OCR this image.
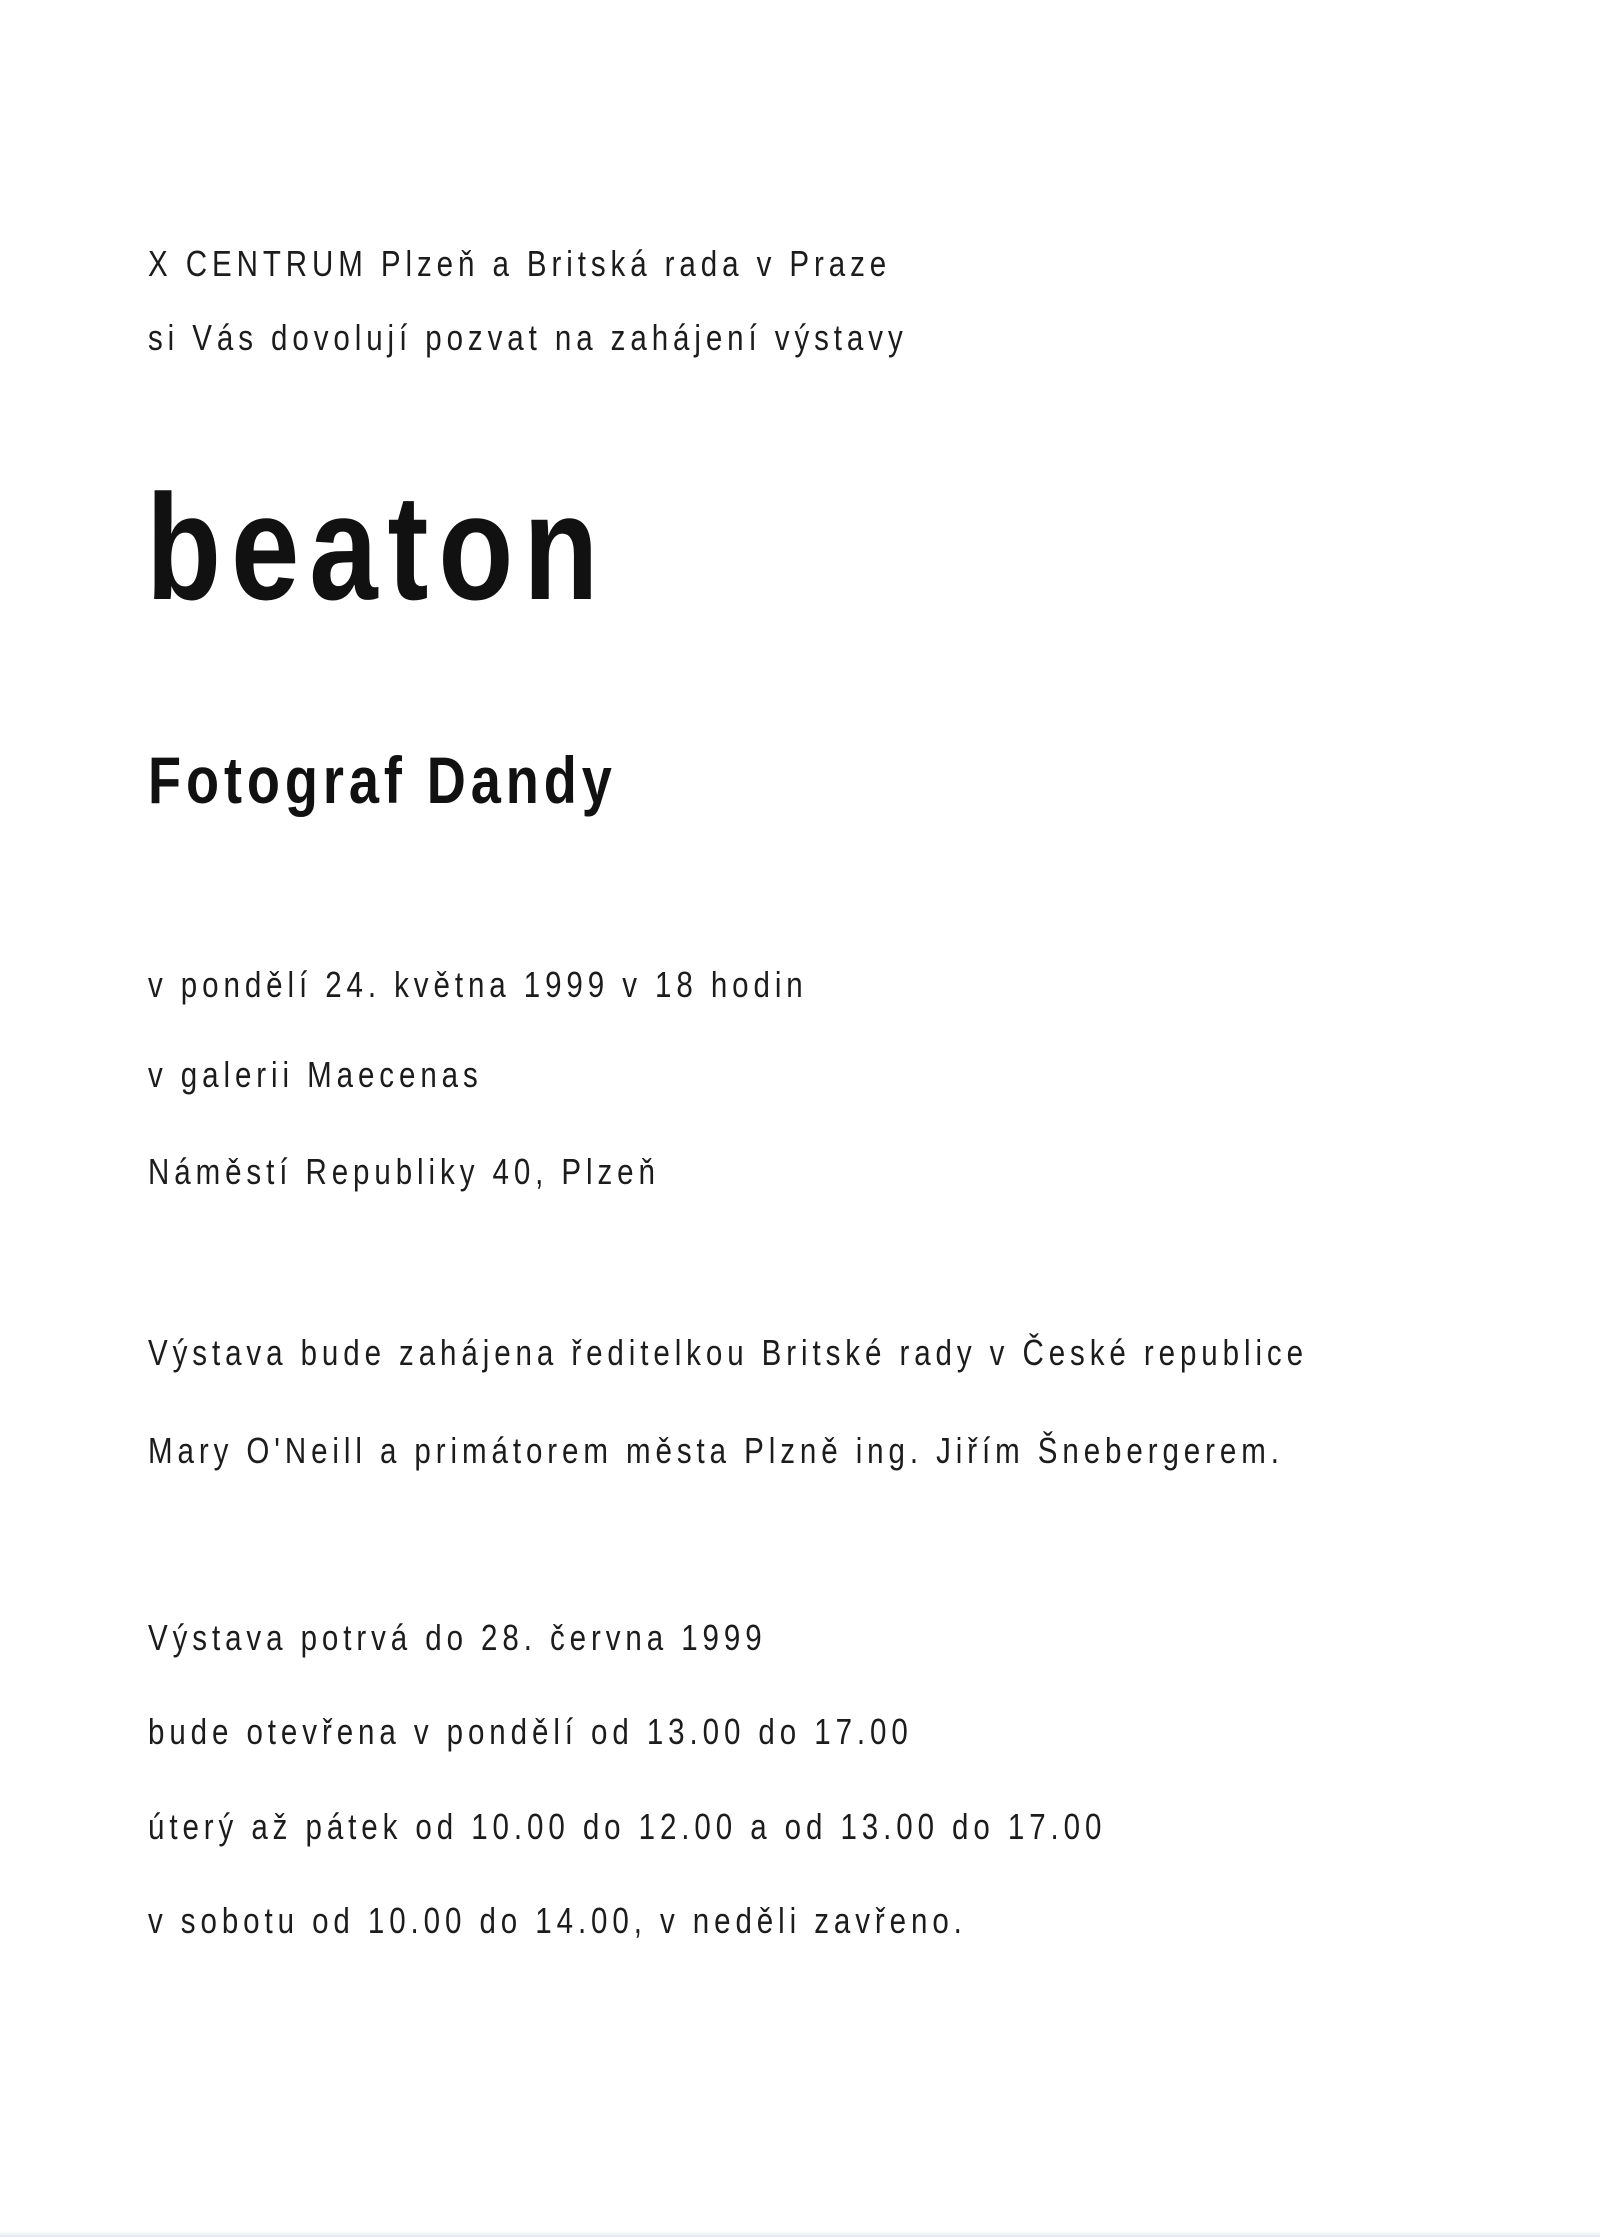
X CENTRUM Plzeň a Britská rada v Praze
si Vás dovolují pozvat na zahájení výstavy
beaton
Fotograf Dandy
v pondělí 24. května 1999 v 18 hodin
v galerii Maecenas
Náměstí Republiky 40, Plzeň
Výstava bude zahájena ředitelkou Britské rady v České republice
Mary O'Neill a primátorem města Plzně ing. Jiřím Šnebergerem.
Výstava potrvá do 28. června 1999
bude otevřena v pondělí od 13.00 do 17.00
úterý až pátek od 10.00 do 12.00 a od 13.00 do 17.00
v sobotu od 10.00 do 14.00, v neděli zavřeno.
